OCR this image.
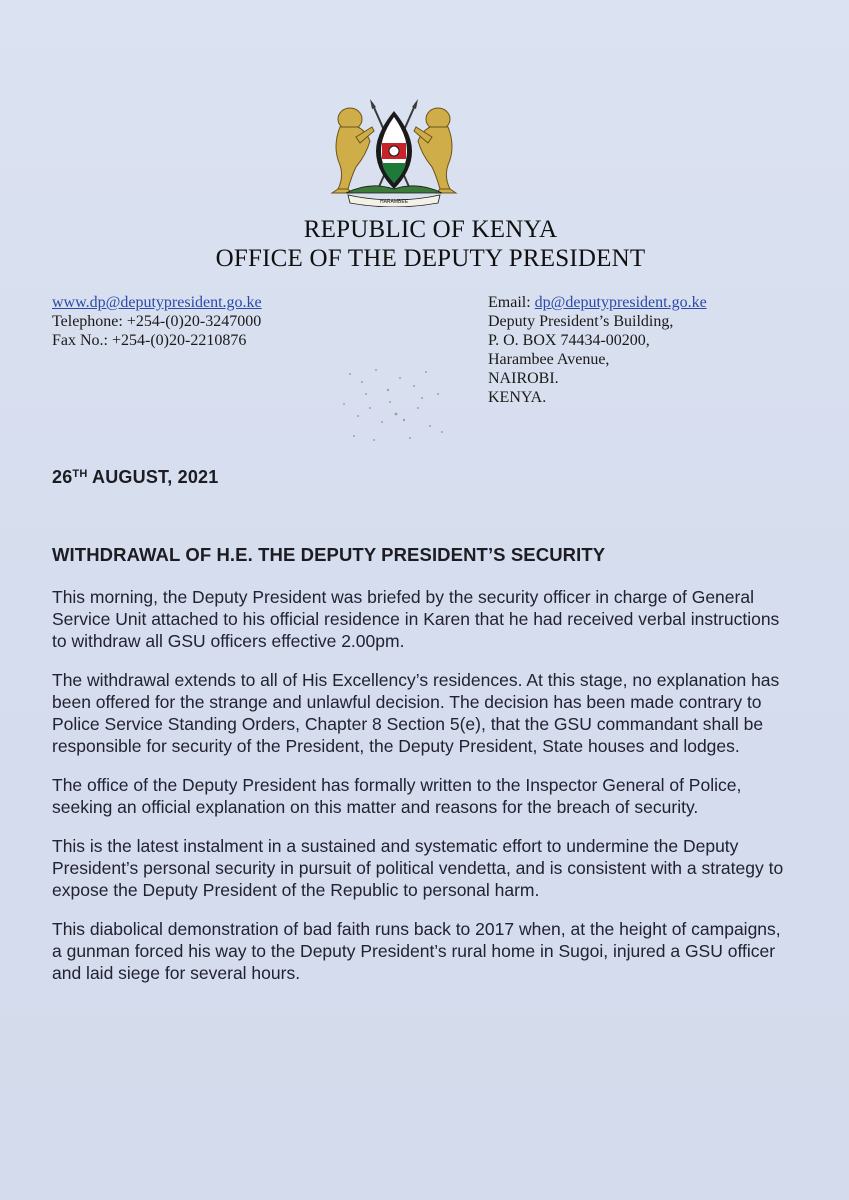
HARAMBEE
REPUBLIC OF KENYA
OFFICE OF THE DEPUTY PRESIDENT
www.dp@deputypresident.go.ke
Telephone: +254-(0)20-3247000
Fax No.: +254-(0)20-2210876
Email: dp@deputypresident.go.ke
Deputy President’s Building,
P. O. BOX 74434-00200,
Harambee Avenue,
NAIROBI.
KENYA.
26TH AUGUST, 2021
WITHDRAWAL OF H.E. THE DEPUTY PRESIDENT’S SECURITY

This morning, the Deputy President was briefed by the security officer in charge of General Service Unit attached to his official residence in Karen that he had received verbal instructions to withdraw all GSU officers effective 2.00pm.

The withdrawal extends to all of His Excellency’s residences. At this stage, no explanation has been offered for the strange and unlawful decision. The decision has been made contrary to Police Service Standing Orders, Chapter 8 Section 5(e), that the GSU commandant shall be responsible for security of the President, the Deputy President, State houses and lodges.

The office of the Deputy President has formally written to the Inspector General of Police, seeking an official explanation on this matter and reasons for the breach of security.

This is the latest instalment in a sustained and systematic effort to undermine the Deputy President’s personal security in pursuit of political vendetta, and is consistent with a strategy to expose the Deputy President of the Republic to personal harm.

This diabolical demonstration of bad faith runs back to 2017 when, at the height of campaigns, a gunman forced his way to the Deputy President’s rural home in Sugoi, injured a GSU officer and laid siege for several hours.
